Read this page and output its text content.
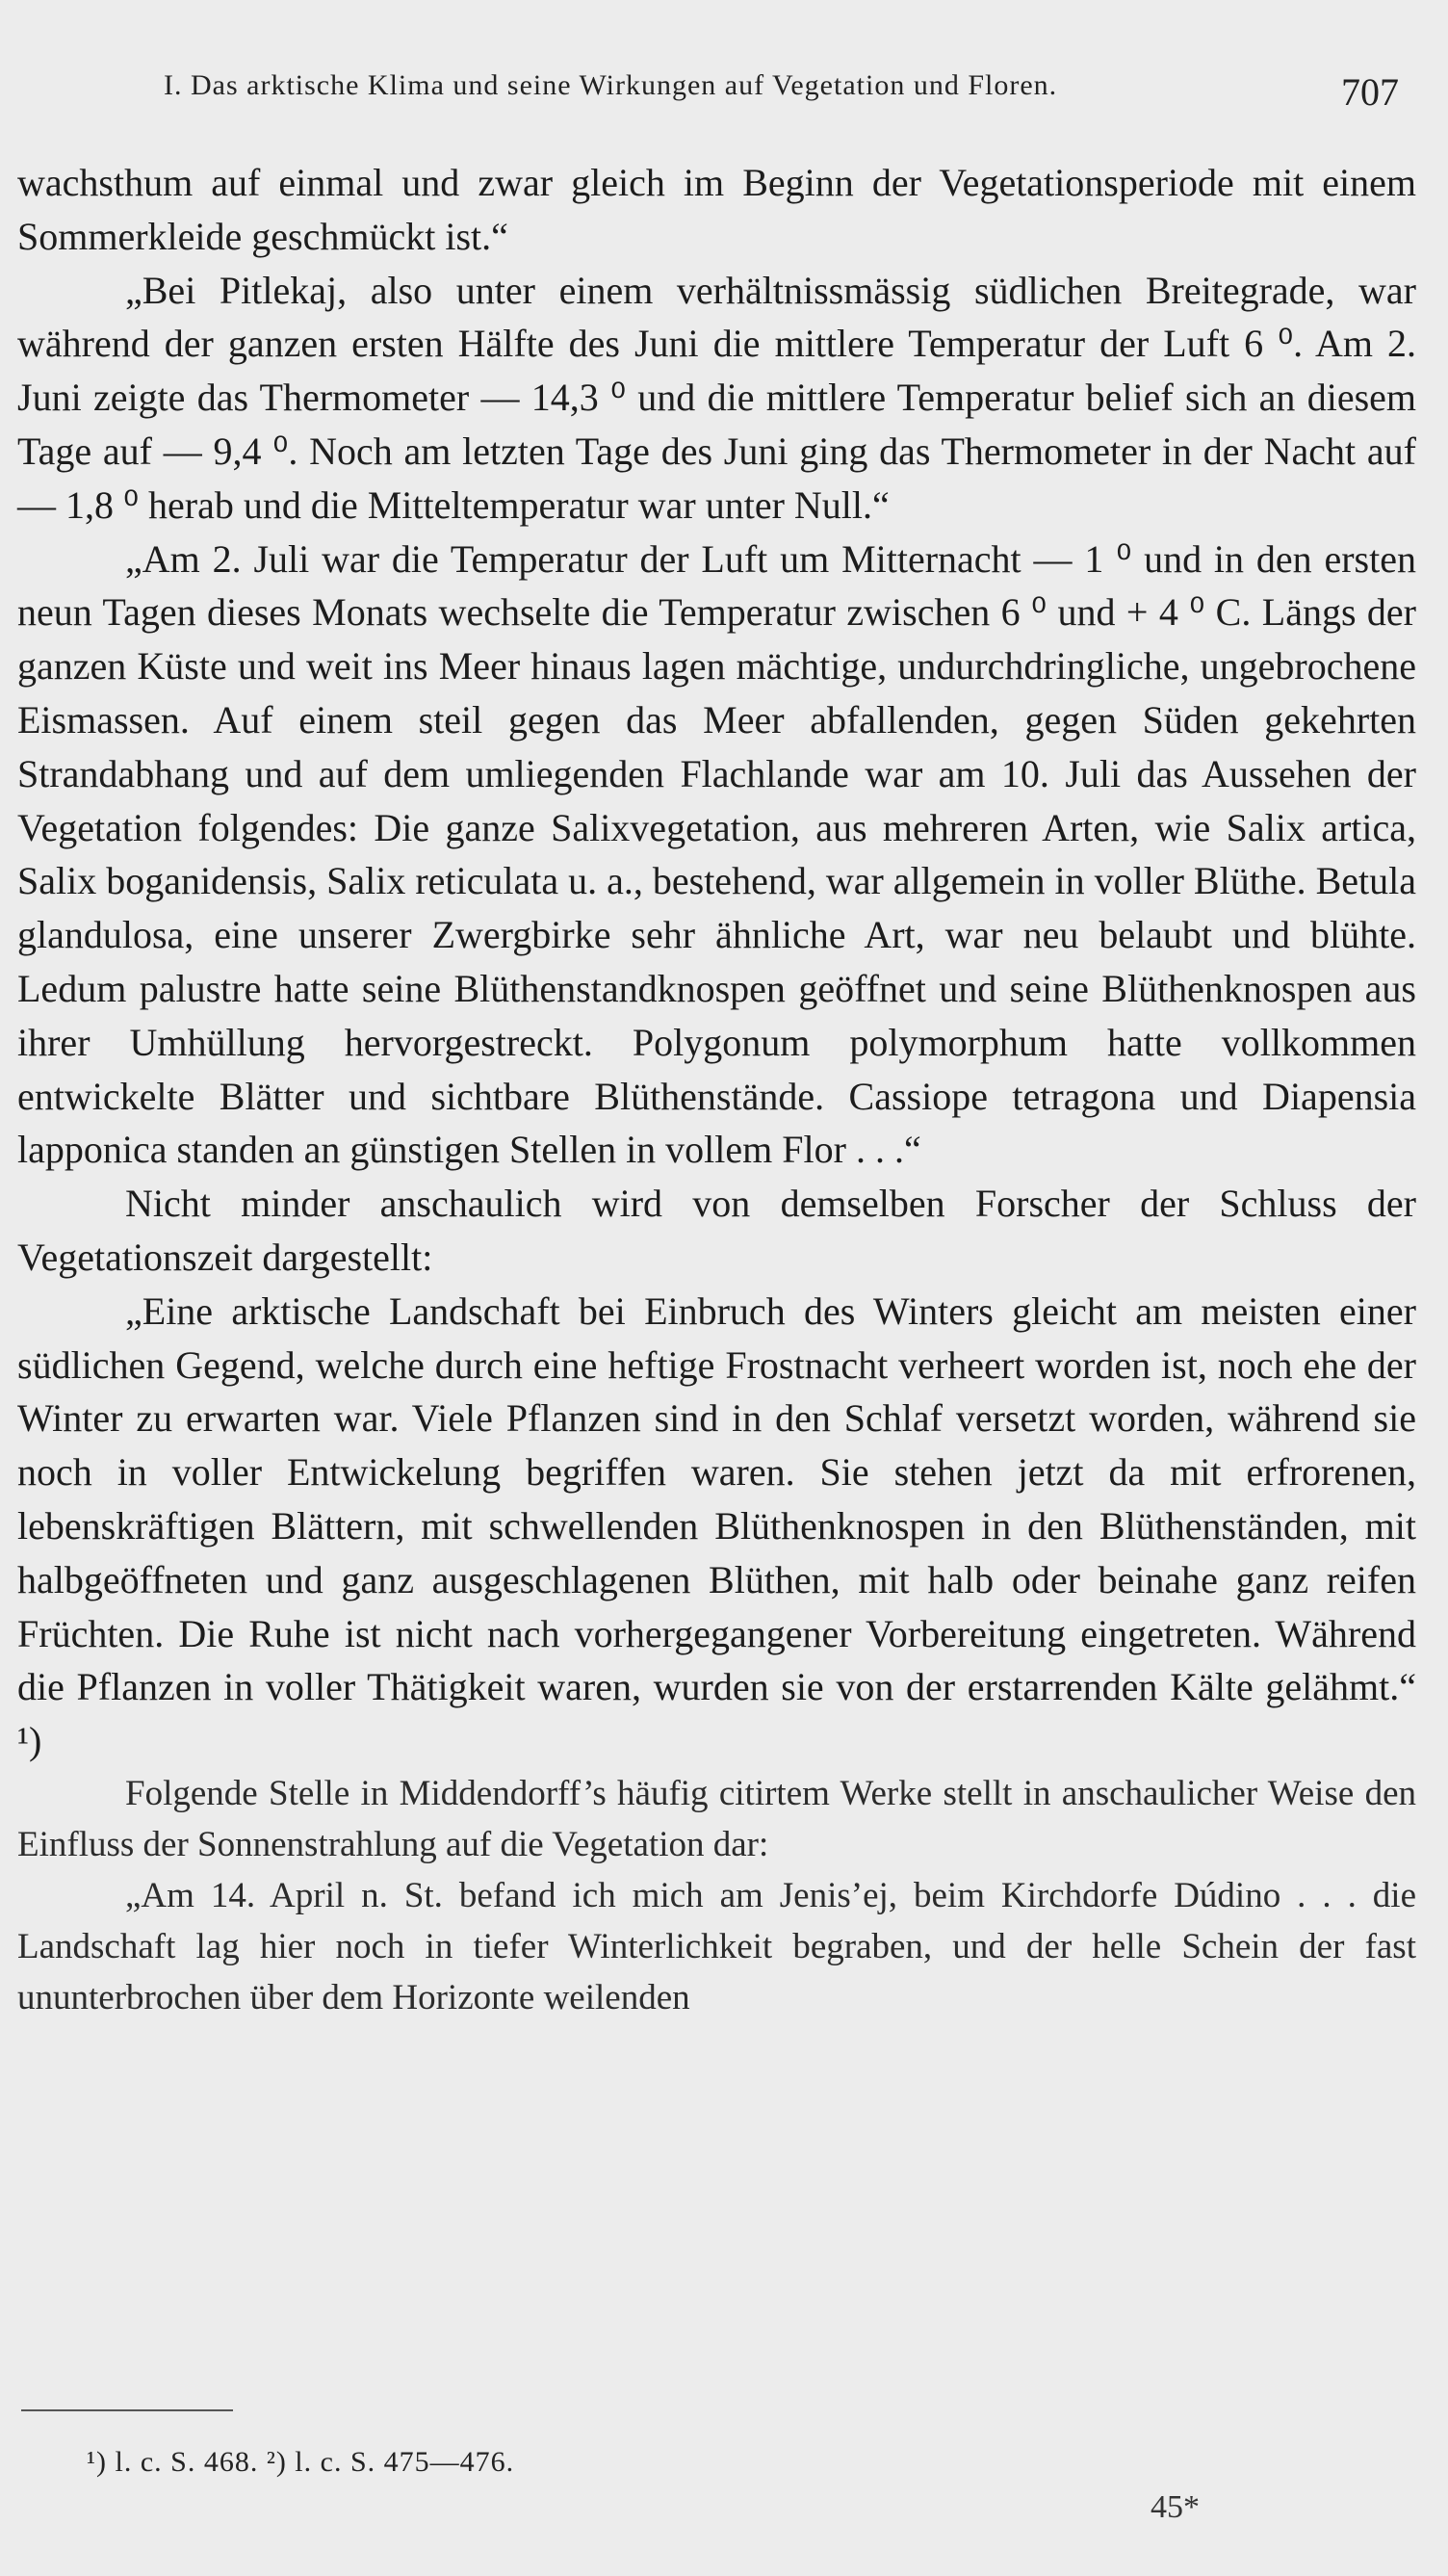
I. Das arktische Klima und seine Wirkungen auf Vegetation und Floren.	707

wachsthum auf einmal und zwar gleich im Beginn der Vegetationsperiode mit einem Sommerkleide geschmückt ist.“

„Bei Pitlekaj, also unter einem verhältnissmässig südlichen Breitegrade, war während der ganzen ersten Hälfte des Juni die mittlere Temperatur der Luft 6 ⁰. Am 2. Juni zeigte das Thermometer — 14,3 ⁰ und die mittlere Temperatur belief sich an diesem Tage auf — 9,4 ⁰. Noch am letzten Tage des Juni ging das Thermometer in der Nacht auf — 1,8 ⁰ herab und die Mitteltemperatur war unter Null.“

„Am 2. Juli war die Temperatur der Luft um Mitternacht — 1 ⁰ und in den ersten neun Tagen dieses Monats wechselte die Temperatur zwischen 6 ⁰ und + 4 ⁰ C. Längs der ganzen Küste und weit ins Meer hinaus lagen mächtige, undurchdringliche, ungebrochene Eismassen. Auf einem steil gegen das Meer abfallenden, gegen Süden gekehrten Strandabhang und auf dem umliegenden Flachlande war am 10. Juli das Aussehen der Vegetation folgendes: Die ganze Salixvegetation, aus mehreren Arten, wie Salix artica, Salix boganidensis, Salix reticulata u. a., bestehend, war allgemein in voller Blüthe. Betula glandulosa, eine unserer Zwergbirke sehr ähnliche Art, war neu belaubt und blühte. Ledum palustre hatte seine Blüthenstandknospen geöffnet und seine Blüthenknospen aus ihrer Umhüllung hervorgestreckt. Polygonum polymorphum hatte vollkommen entwickelte Blätter und sichtbare Blüthenstände. Cassiope tetragona und Diapensia lapponica standen an günstigen Stellen in vollem Flor . . .“

Nicht minder anschaulich wird von demselben Forscher der Schluss der Vegetationszeit dargestellt:

„Eine arktische Landschaft bei Einbruch des Winters gleicht am meisten einer südlichen Gegend, welche durch eine heftige Frostnacht verheert worden ist, noch ehe der Winter zu erwarten war. Viele Pflanzen sind in den Schlaf versetzt worden, während sie noch in voller Entwickelung begriffen waren. Sie stehen jetzt da mit erfrorenen, lebenskräftigen Blättern, mit schwellenden Blüthenknospen in den Blüthenständen, mit halbgeöffneten und ganz ausgeschlagenen Blüthen, mit halb oder beinahe ganz reifen Früchten. Die Ruhe ist nicht nach vorhergegangener Vorbereitung eingetreten. Während die Pflanzen in voller Thätigkeit waren, wurden sie von der erstarrenden Kälte gelähmt.“ ¹)

Folgende Stelle in Middendorff’s häufig citirtem Werke stellt in anschaulicher Weise den Einfluss der Sonnenstrahlung auf die Vegetation dar:

„Am 14. April n. St. befand ich mich am Jenis’ej, beim Kirchdorfe Dúdino . . . die Landschaft lag hier noch in tiefer Winterlichkeit begraben, und der helle Schein der fast ununterbrochen über dem Horizonte weilenden

¹) l. c. S. 468. ²) l. c. S. 475—476.
45*
